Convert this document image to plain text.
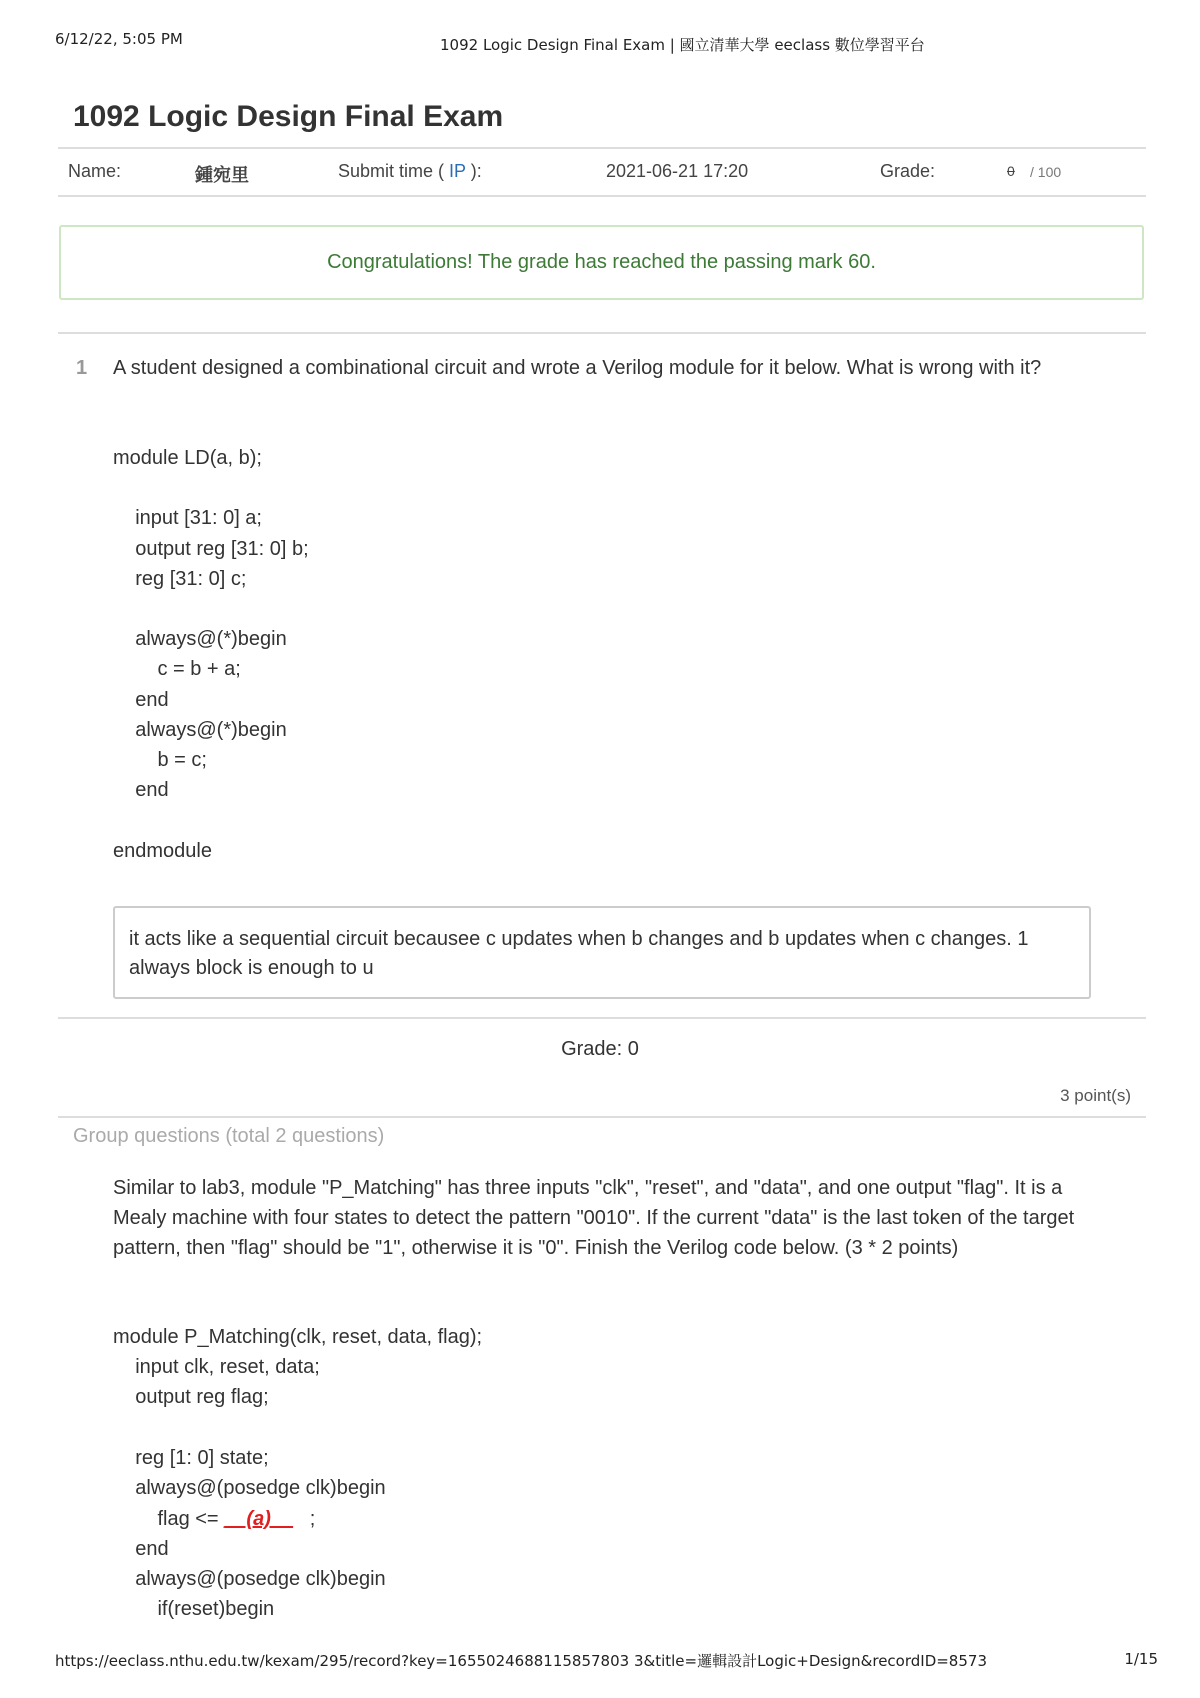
6/12/22, 5:05 PM	1092 Logic Design Final Exam | 國立清華大學 eeclass 數位學習平台
1092 Logic Design Final Exam
Name:	鍾宛里	Submit time ( IP ):	2021-06-21 17:20	Grade:	0 / 100
Congratulations! The grade has reached the passing mark 60.
1 A student designed a combinational circuit and wrote a Verilog module for it below. What is wrong with it?

module LD(a, b);

input [31: 0] a;
output reg [31: 0] b;
reg [31: 0] c;

always@(*)begin
c = b + a;
end
always@(*)begin
b = c;
end

endmodule
it acts like a sequential circuit becausee c updates when b changes and b updates when c changes. 1 always block is enough to u
Grade: 0
3 point(s)
Group questions (total 2 questions)

Similar to lab3, module "P_Matching" has three inputs "clk", "reset", and "data", and one output "flag". It is a Mealy machine with four states to detect the pattern "0010". If the current "data" is the last token of the target pattern, then "flag" should be "1", otherwise it is "0". Finish the Verilog code below. (3 * 2 points)

module P_Matching(clk, reset, data, flag);
input clk, reset, data;
output reg flag;

reg [1: 0] state;
always@(posedge clk)begin
flag <= __(a)__   ;
end
always@(posedge clk)begin
if(reset)begin
https://eeclass.nthu.edu.tw/kexam/295/record?key=1655024688115857803 3&title=邏輯設計Logic+Design&recordID=8573	1/15
